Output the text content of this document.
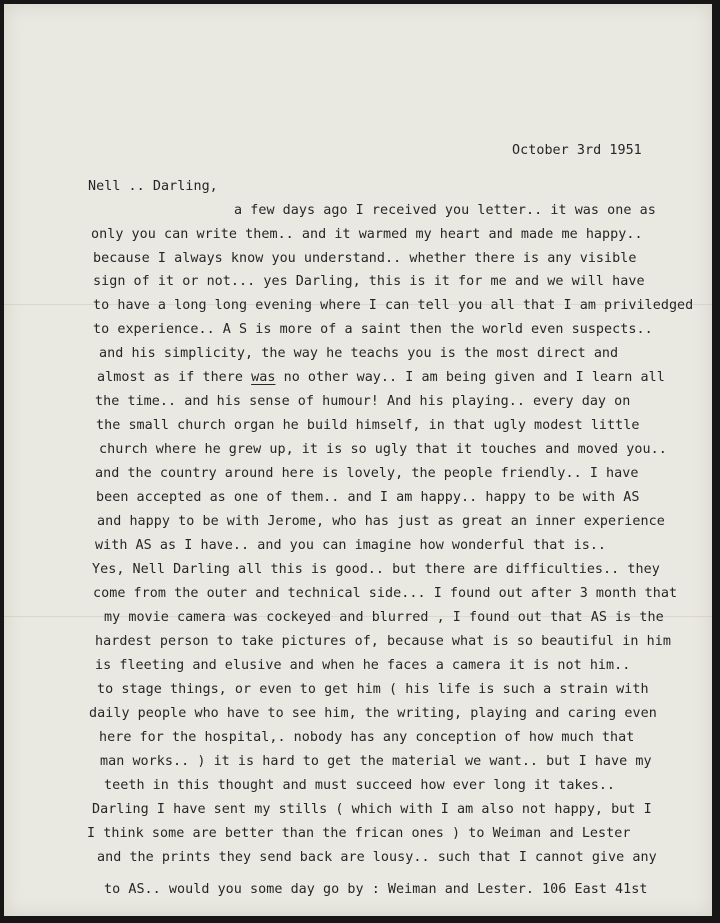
October 3rd 1951
Nell .. Darling,
a few days ago I received you letter.. it was one as
only you can write them.. and it warmed my heart and made me happy..
because I always know you understand.. whether there is any visible
sign of it or not... yes Darling, this is it for me and we will have
to have a long long evening where I can tell you all that I am priviledged
to experience.. A S is more of a saint then the world even suspects..
and his simplicity, the way he teachs you is the most direct and
almost as if there was no other way.. I am being given and I learn all
the time.. and his sense of humour! And his playing.. every day on
the small church organ he build himself, in that ugly modest little
church where he grew up, it is so ugly that it touches and moved you..
and the country around here is lovely, the people friendly.. I have
been accepted as one of them.. and I am happy.. happy to be with AS
and happy to be with Jerome, who has just as great an inner experience
with AS as I have.. and you can imagine how wonderful that is..
Yes, Nell Darling all this is good.. but there are difficulties.. they
come from the outer and technical side... I found out after 3 month that
my movie camera was cockeyed and blurred , I found out that AS is the
hardest person to take pictures of, because what is so beautiful in him
is fleeting and elusive and when he faces a camera it is not him..
to stage things, or even to get him ( his life is such a strain with
daily people who have to see him, the writing, playing and caring even
here for the hospital,. nobody has any conception of how much that
man works.. ) it is hard to get the material we want.. but I have my
teeth in this thought and must succeed how ever long it takes..
Darling I have sent my stills ( which with I am also not happy, but I
I think some are better than the frican ones ) to Weiman and Lester
and the prints they send back are lousy.. such that I cannot give any
to AS.. would you some day go by : Weiman and Lester. 106 East 41st
